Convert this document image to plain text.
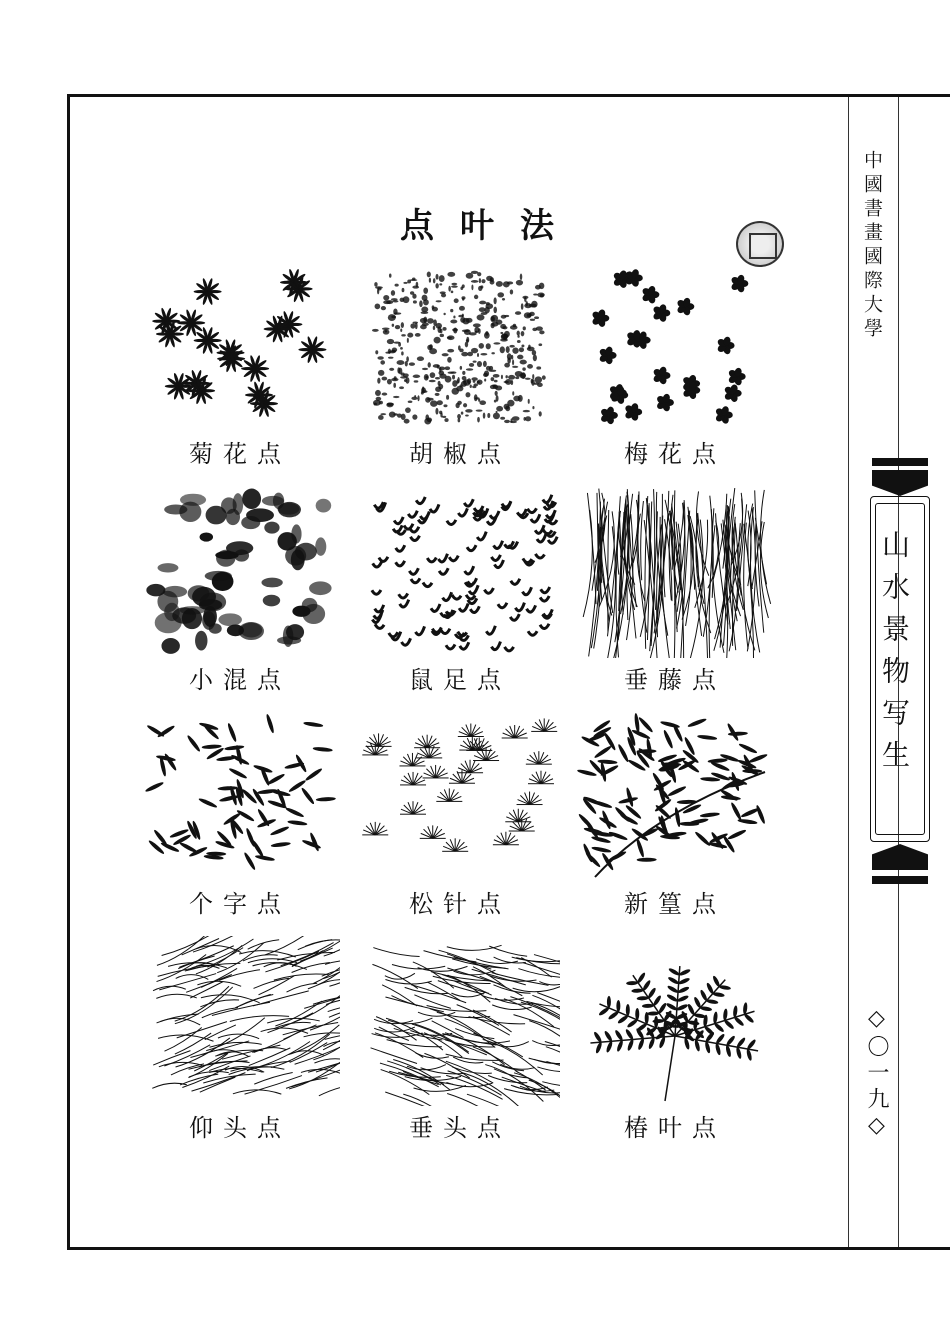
中國書畫國際大學
山水景物写生
◇〇一九◇
点叶法
菊花点	胡椒点	梅花点
小混点	鼠足点	垂藤点
个字点	松针点	新篁点
仰头点	垂头点	椿叶点
